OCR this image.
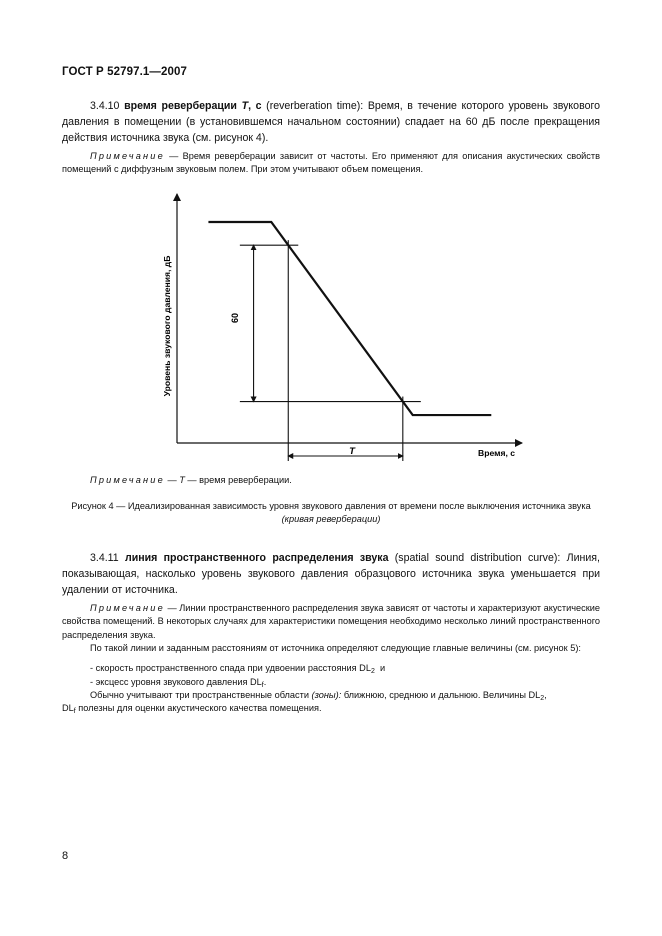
ГОСТ Р 52797.1—2007
3.4.10 время реверберации T, с (reverberation time): Время, в течение которого уровень звукового давления в помещении (в установившемся начальном состоянии) спадает на 60 дБ после прекращения действия источника звука (см. рисунок 4).
Примечание — Время реверберации зависит от частоты. Его применяют для описания акустических свойств помещений с диффузным звуковым полем. При этом учитывают объем помещения.
Уровень звукового давления, дБ
Время, с
60
T
Примечание — T — время реверберации.
Рисунок 4 — Идеализированная зависимость уровня звукового давления от времени после выключения источника звука (кривая реверберации)
3.4.11 линия пространственного распределения звука (spatial sound distribution curve): Линия, показывающая, насколько уровень звукового давления образцового источника звука уменьшается при удалении от источника.
Примечание — Линии пространственного распределения звука зависят от частоты и характеризуют акустические свойства помещений. В некоторых случаях для характеристики помещения необходимо несколько линий пространственного распределения звука.
По такой линии и заданным расстояниям от источника определяют следующие главные величины (см. рисунок 5):
- скорость пространственного спада при удвоении расстояния $DL_2$  и
- эксцесс уровня звукового давления $DL_f$.
Обычно учитывают три пространственные области (зоны): ближнюю, среднюю и дальнюю. Величины $DL_2$,
$DL_f$ полезны для оценки акустического качества помещения.
8
